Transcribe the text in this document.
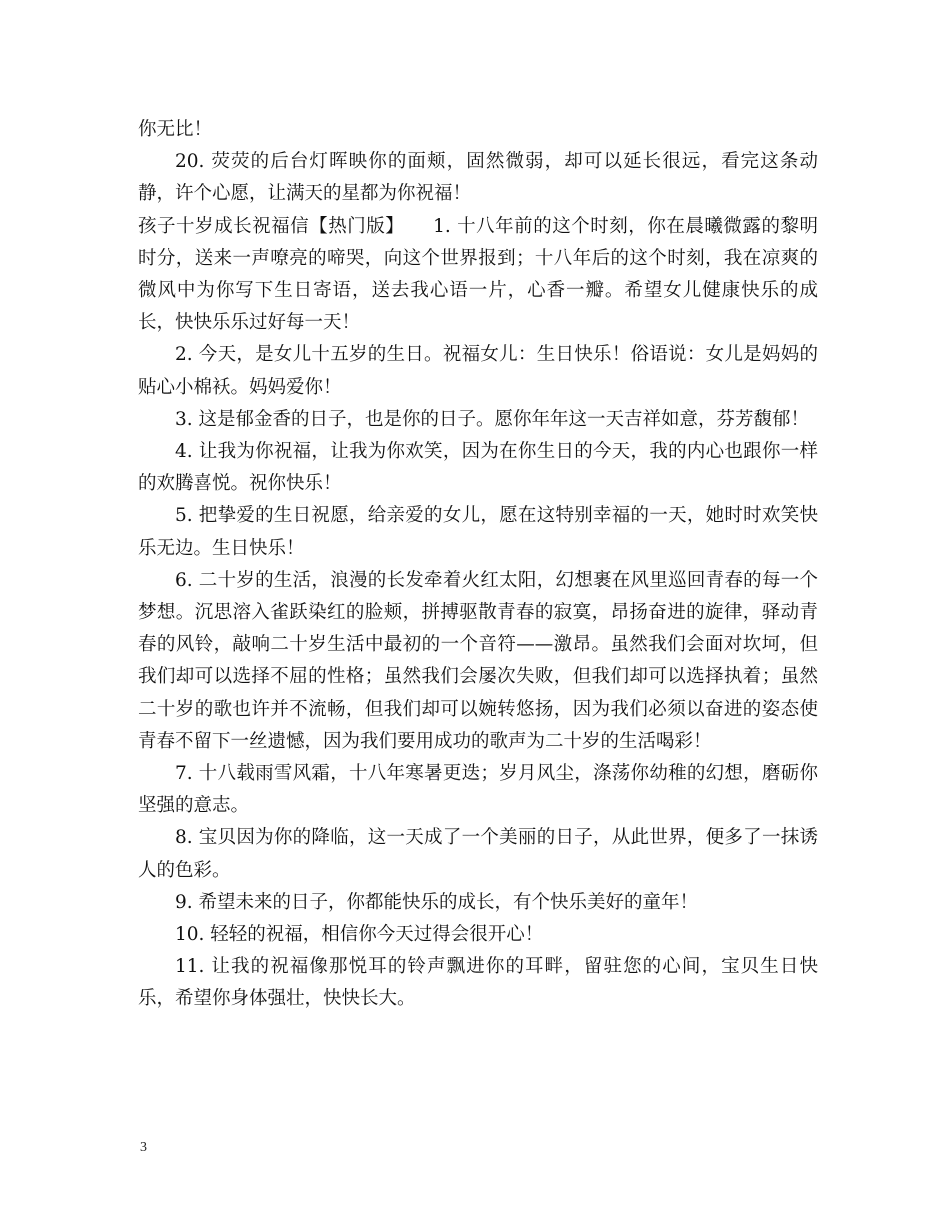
你无比！

20. 荧荧的后台灯晖映你的面颊，固然微弱，却可以延长很远，看完这条动静，许个心愿，让满天的星都为你祝福！

孩子十岁成长祝福信【热门版】　　1. 十八年前的这个时刻，你在晨曦微露的黎明时分，送来一声嘹亮的啼哭，向这个世界报到；十八年后的这个时刻，我在凉爽的微风中为你写下生日寄语，送去我心语一片，心香一瓣。希望女儿健康快乐的成长，快快乐乐过好每一天！

2. 今天，是女儿十五岁的生日。祝福女儿：生日快乐！俗语说：女儿是妈妈的贴心小棉袄。妈妈爱你！

3. 这是郁金香的日子，也是你的日子。愿你年年这一天吉祥如意，芬芳馥郁！

4. 让我为你祝福，让我为你欢笑，因为在你生日的今天，我的内心也跟你一样的欢腾喜悦。祝你快乐！

5. 把挚爱的生日祝愿，给亲爱的女儿，愿在这特别幸福的一天，她时时欢笑快乐无边。生日快乐！

6. 二十岁的生活，浪漫的长发牵着火红太阳，幻想裹在风里巡回青春的每一个梦想。沉思溶入雀跃染红的脸颊，拼搏驱散青春的寂寞，昂扬奋进的旋律，驿动青春的风铃，敲响二十岁生活中最初的一个音符——激昂。虽然我们会面对坎坷，但我们却可以选择不屈的性格；虽然我们会屡次失败，但我们却可以选择执着；虽然二十岁的歌也许并不流畅，但我们却可以婉转悠扬，因为我们必须以奋进的姿态使青春不留下一丝遗憾，因为我们要用成功的歌声为二十岁的生活喝彩！

7. 十八载雨雪风霜，十八年寒暑更迭；岁月风尘，涤荡你幼稚的幻想，磨砺你坚强的意志。

8. 宝贝因为你的降临，这一天成了一个美丽的日子，从此世界，便多了一抹诱人的色彩。

9. 希望未来的日子，你都能快乐的成长，有个快乐美好的童年！

10. 轻轻的祝福，相信你今天过得会很开心！

11. 让我的祝福像那悦耳的铃声飘进你的耳畔，留驻您的心间，宝贝生日快乐，希望你身体强壮，快快长大。

3
